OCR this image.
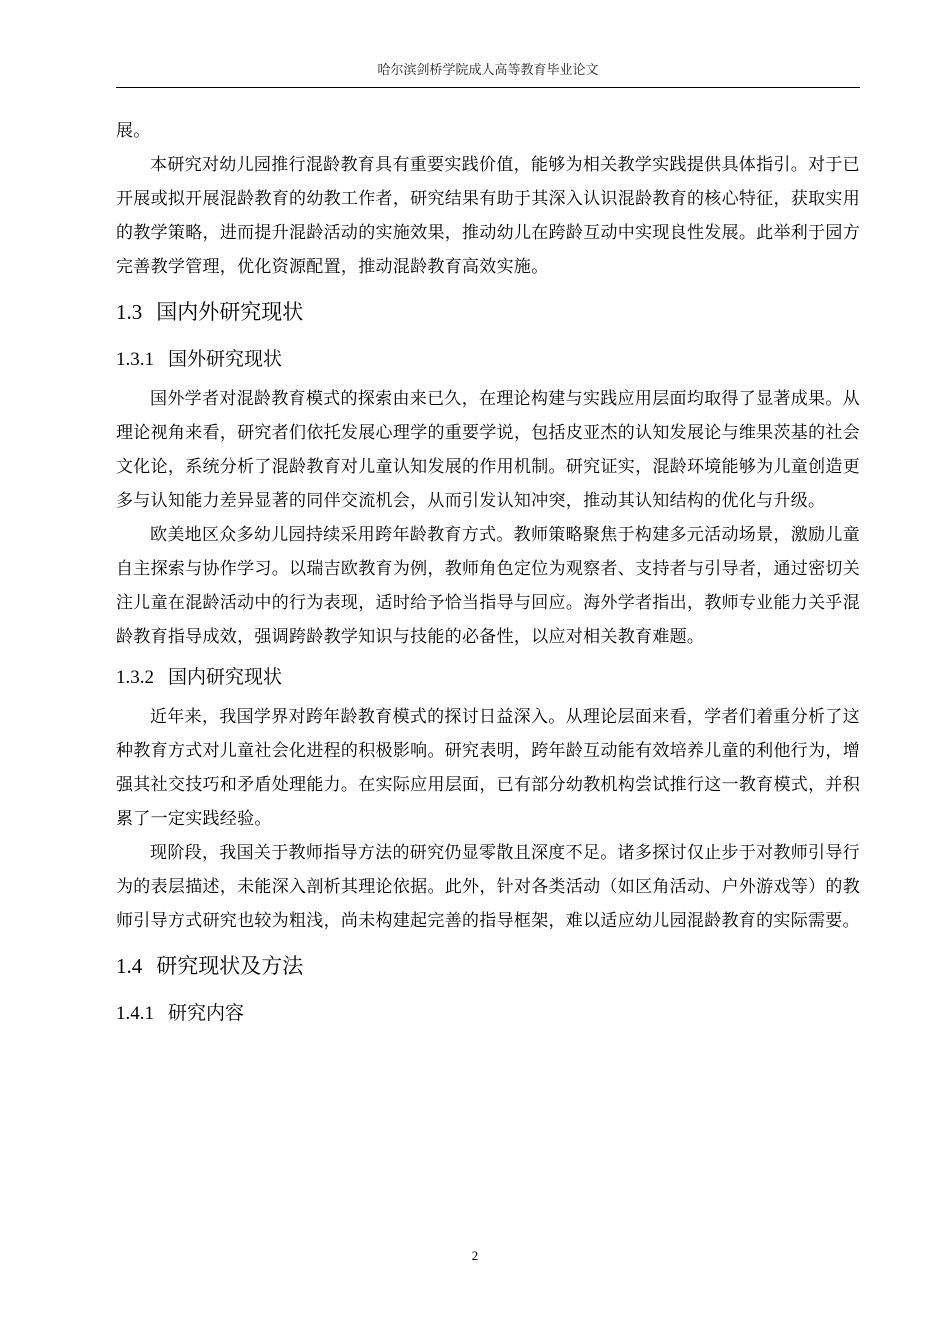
哈尔滨剑桥学院成人高等教育毕业论文

展。

本研究对幼儿园推行混龄教育具有重要实践价值，能够为相关教学实践提供具体指引。对于已开展或拟开展混龄教育的幼教工作者，研究结果有助于其深入认识混龄教育的核心特征，获取实用的教学策略，进而提升混龄活动的实施效果，推动幼儿在跨龄互动中实现良性发展。此举利于园方完善教学管理，优化资源配置，推动混龄教育高效实施。

1.3 国内外研究现状
1.3.1 国外研究现状

国外学者对混龄教育模式的探索由来已久，在理论构建与实践应用层面均取得了显著成果。从理论视角来看，研究者们依托发展心理学的重要学说，包括皮亚杰的认知发展论与维果茨基的社会文化论，系统分析了混龄教育对儿童认知发展的作用机制。研究证实，混龄环境能够为儿童创造更多与认知能力差异显著的同伴交流机会，从而引发认知冲突，推动其认知结构的优化与升级。

欧美地区众多幼儿园持续采用跨年龄教育方式。教师策略聚焦于构建多元活动场景，激励儿童自主探索与协作学习。以瑞吉欧教育为例，教师角色定位为观察者、支持者与引导者，通过密切关注儿童在混龄活动中的行为表现，适时给予恰当指导与回应。海外学者指出，教师专业能力关乎混龄教育指导成效，强调跨龄教学知识与技能的必备性，以应对相关教育难题。

1.3.2 国内研究现状

近年来，我国学界对跨年龄教育模式的探讨日益深入。从理论层面来看，学者们着重分析了这种教育方式对儿童社会化进程的积极影响。研究表明，跨年龄互动能有效培养儿童的利他行为，增强其社交技巧和矛盾处理能力。在实际应用层面，已有部分幼教机构尝试推行这一教育模式，并积累了一定实践经验。

现阶段，我国关于教师指导方法的研究仍显零散且深度不足。诸多探讨仅止步于对教师引导行为的表层描述，未能深入剖析其理论依据。此外，针对各类活动（如区角活动、户外游戏等）的教师引导方式研究也较为粗浅，尚未构建起完善的指导框架，难以适应幼儿园混龄教育的实际需要。

1.4 研究现状及方法
1.4.1 研究内容
2
